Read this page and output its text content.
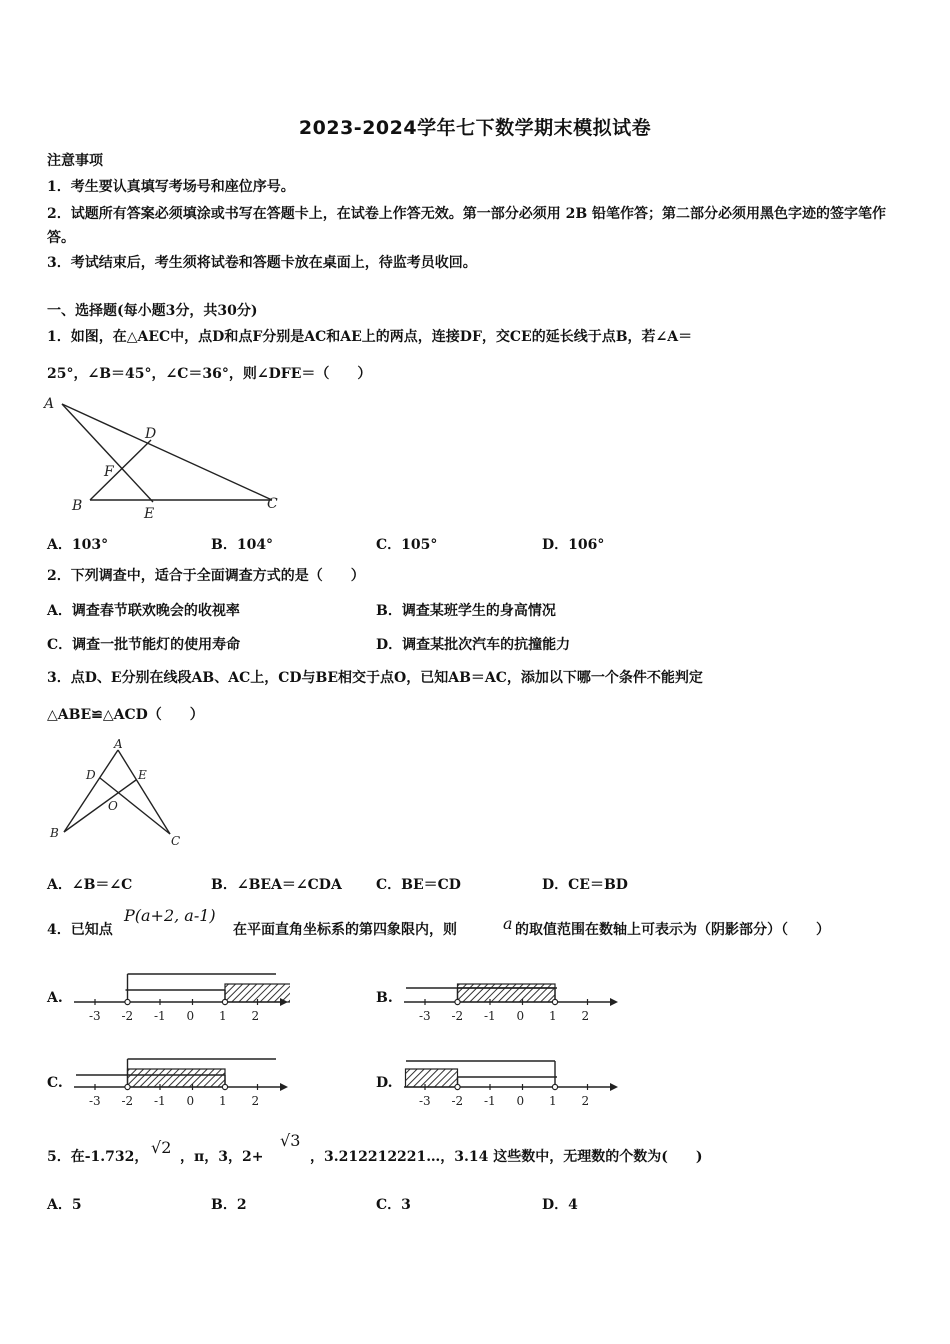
2023-2024学年七下数学期末模拟试卷
注意事项
1．考生要认真填写考场号和座位序号。
2．试题所有答案必须填涂或书写在答题卡上，在试卷上作答无效。第一部分必须用 2B 铅笔作答；第二部分必须用黑色字迹的签字笔作答。
3．考试结束后，考生须将试卷和答题卡放在桌面上，待监考员收回。
一、选择题(每小题3分，共30分)
1．如图，在△AEC中，点D和点F分别是AC和AE上的两点，连接DF，交CE的延长线于点B，若∠A＝
25°，∠B＝45°，∠C＝36°，则∠DFE＝（　　）
A
D
F
B	E
C
A．103°	B．104°	C．105°	D．106°
2．下列调查中，适合于全面调查方式的是（　　）
A．调查春节联欢晚会的收视率	B．调查某班学生的身高情况
C．调查一批节能灯的使用寿命	D．调查某批次汽车的抗撞能力
3．点D、E分别在线段AB、AC上，CD与BE相交于点O，已知AB＝AC，添加以下哪一个条件不能判定
△ABE≌△ACD（　　）
A
D	E
O
B
C
A．∠B＝∠C	B．∠BEA＝∠CDA C．BE＝CD	D．CE＝BD
4．已知点
P(a+2, a-1)
在平面直角坐标系的第四象限内，则	a 的取值范围在数轴上可表示为（阴影部分）（　　）
A.	B.
C.	D.
-3 -2 -1 0 1 2	-3 -2 -1 0 1 2
-3 -2 -1 0 1 2	-3 -2 -1 0 1 2
5．在-1.732， √2 ，π，3，2+
√3
，3.212212221…，3.14 这些数中，无理数的个数为(　　)
A．5	B．2	C．3	D．4
